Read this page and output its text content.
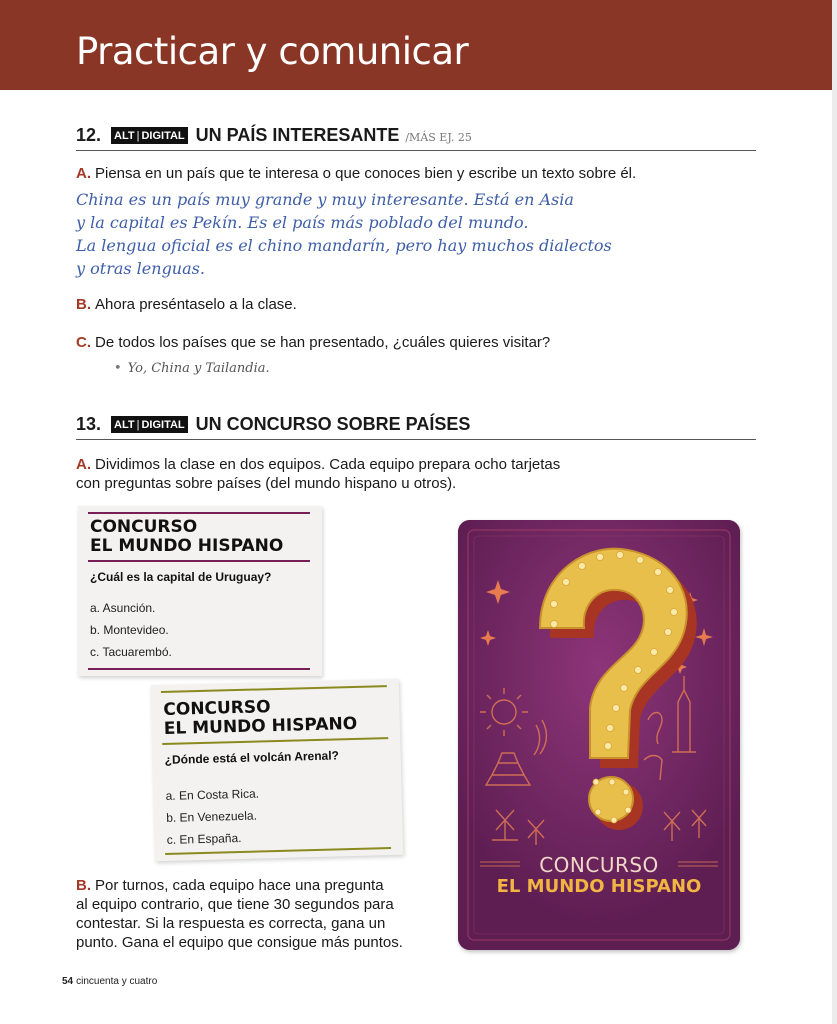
Practicar y comunicar
12. ALT | DIGITAL UN PAÍS INTERESANTE /MÁS EJ. 25
A. Piensa en un país que te interesa o que conoces bien y escribe un texto sobre él.
China es un país muy grande y muy interesante. Está en Asia
y la capital es Pekín. Es el país más poblado del mundo.
La lengua oficial es el chino mandarín, pero hay muchos dialectos
y otras lenguas.
B. Ahora preséntaselo a la clase.
C. De todos los países que se han presentado, ¿cuáles quieres visitar?
• Yo, China y Tailandia.
13. ALT | DIGITAL UN CONCURSO SOBRE PAÍSES
A. Dividimos la clase en dos equipos. Cada equipo prepara ocho tarjetas
con preguntas sobre países (del mundo hispano u otros).
CONCURSO
EL MUNDO HISPANO
¿Cuál es la capital de Uruguay?
a. Asunción.
b. Montevideo.
c. Tacuarembó.
CONCURSO
EL MUNDO HISPANO
¿Dónde está el volcán Arenal?
a. En Costa Rica.
b. En Venezuela.
c. En España.
B. Por turnos, cada equipo hace una pregunta
al equipo contrario, que tiene 30 segundos para
contestar. Si la respuesta es correcta, gana un
punto. Gana el equipo que consigue más puntos.
CONCURSO
EL MUNDO HISPANO
54 cincuenta y cuatro
